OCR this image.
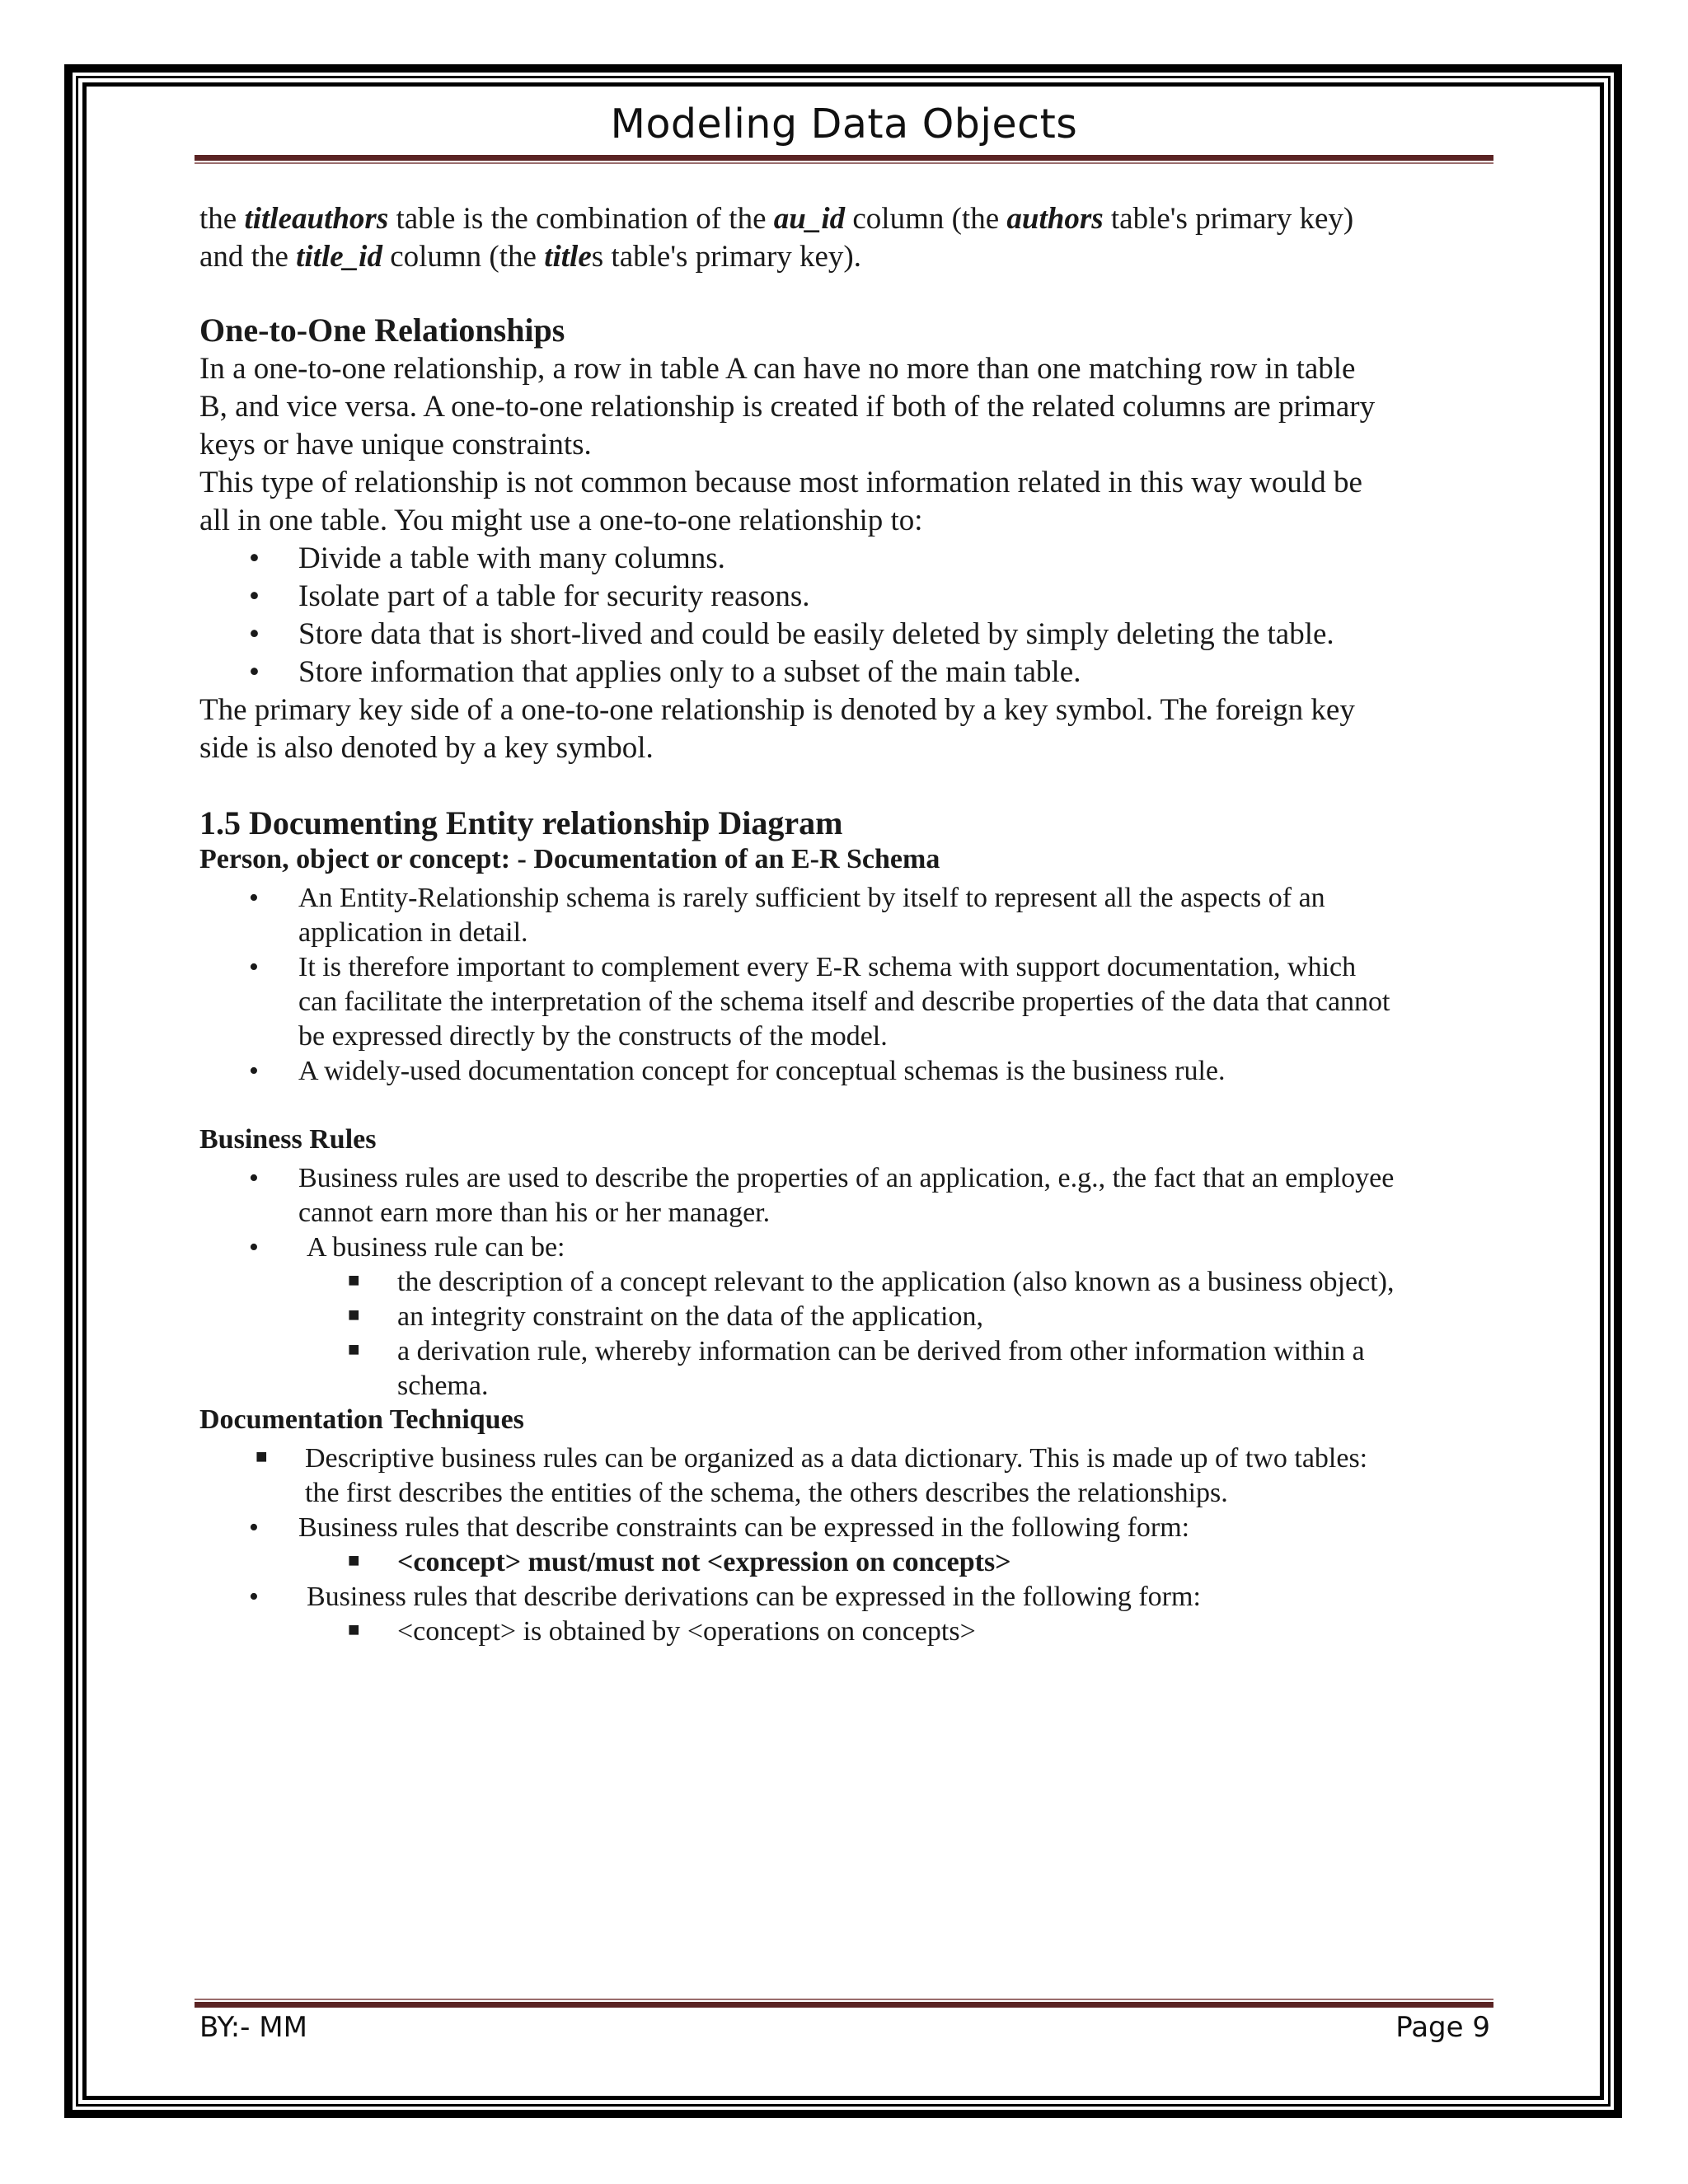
Modeling Data Objects

the titleauthors table is the combination of the au_id column (the authors table's primary key)
and the title_id column (the titles table's primary key).

One-to-One Relationships

In a one-to-one relationship, a row in table A can have no more than one matching row in table
B, and vice versa. A one-to-one relationship is created if both of the related columns are primary
keys or have unique constraints.

This type of relationship is not common because most information related in this way would be
all in one table. You might use a one-to-one relationship to:

• Divide a table with many columns.
• Isolate part of a table for security reasons.
• Store data that is short-lived and could be easily deleted by simply deleting the table.
• Store information that applies only to a subset of the main table.

The primary key side of a one-to-one relationship is denoted by a key symbol. The foreign key
side is also denoted by a key symbol.

1.5 Documenting Entity relationship Diagram
Person, object or concept: - Documentation of an E-R Schema
• An Entity-Relationship schema is rarely sufficient by itself to represent all the aspects of an
application in detail.
• It is therefore important to complement every E-R schema with support documentation, which
can facilitate the interpretation of the schema itself and describe properties of the data that cannot
be expressed directly by the constructs of the model.
• A widely-used documentation concept for conceptual schemas is the business rule.
Business Rules
• Business rules are used to describe the properties of an application, e.g., the fact that an employee
cannot earn more than his or her manager.
• A business rule can be:
■ the description of a concept relevant to the application (also known as a business object),
■ an integrity constraint on the data of the application,
■ a derivation rule, whereby information can be derived from other information within a
schema.
Documentation Techniques
■ Descriptive business rules can be organized as a data dictionary. This is made up of two tables:
the first describes the entities of the schema, the others describes the relationships.
• Business rules that describe constraints can be expressed in the following form:
■ <concept> must/must not <expression on concepts>
• Business rules that describe derivations can be expressed in the following form:
■ <concept> is obtained by <operations on concepts>
BY:- MM	Page 9
